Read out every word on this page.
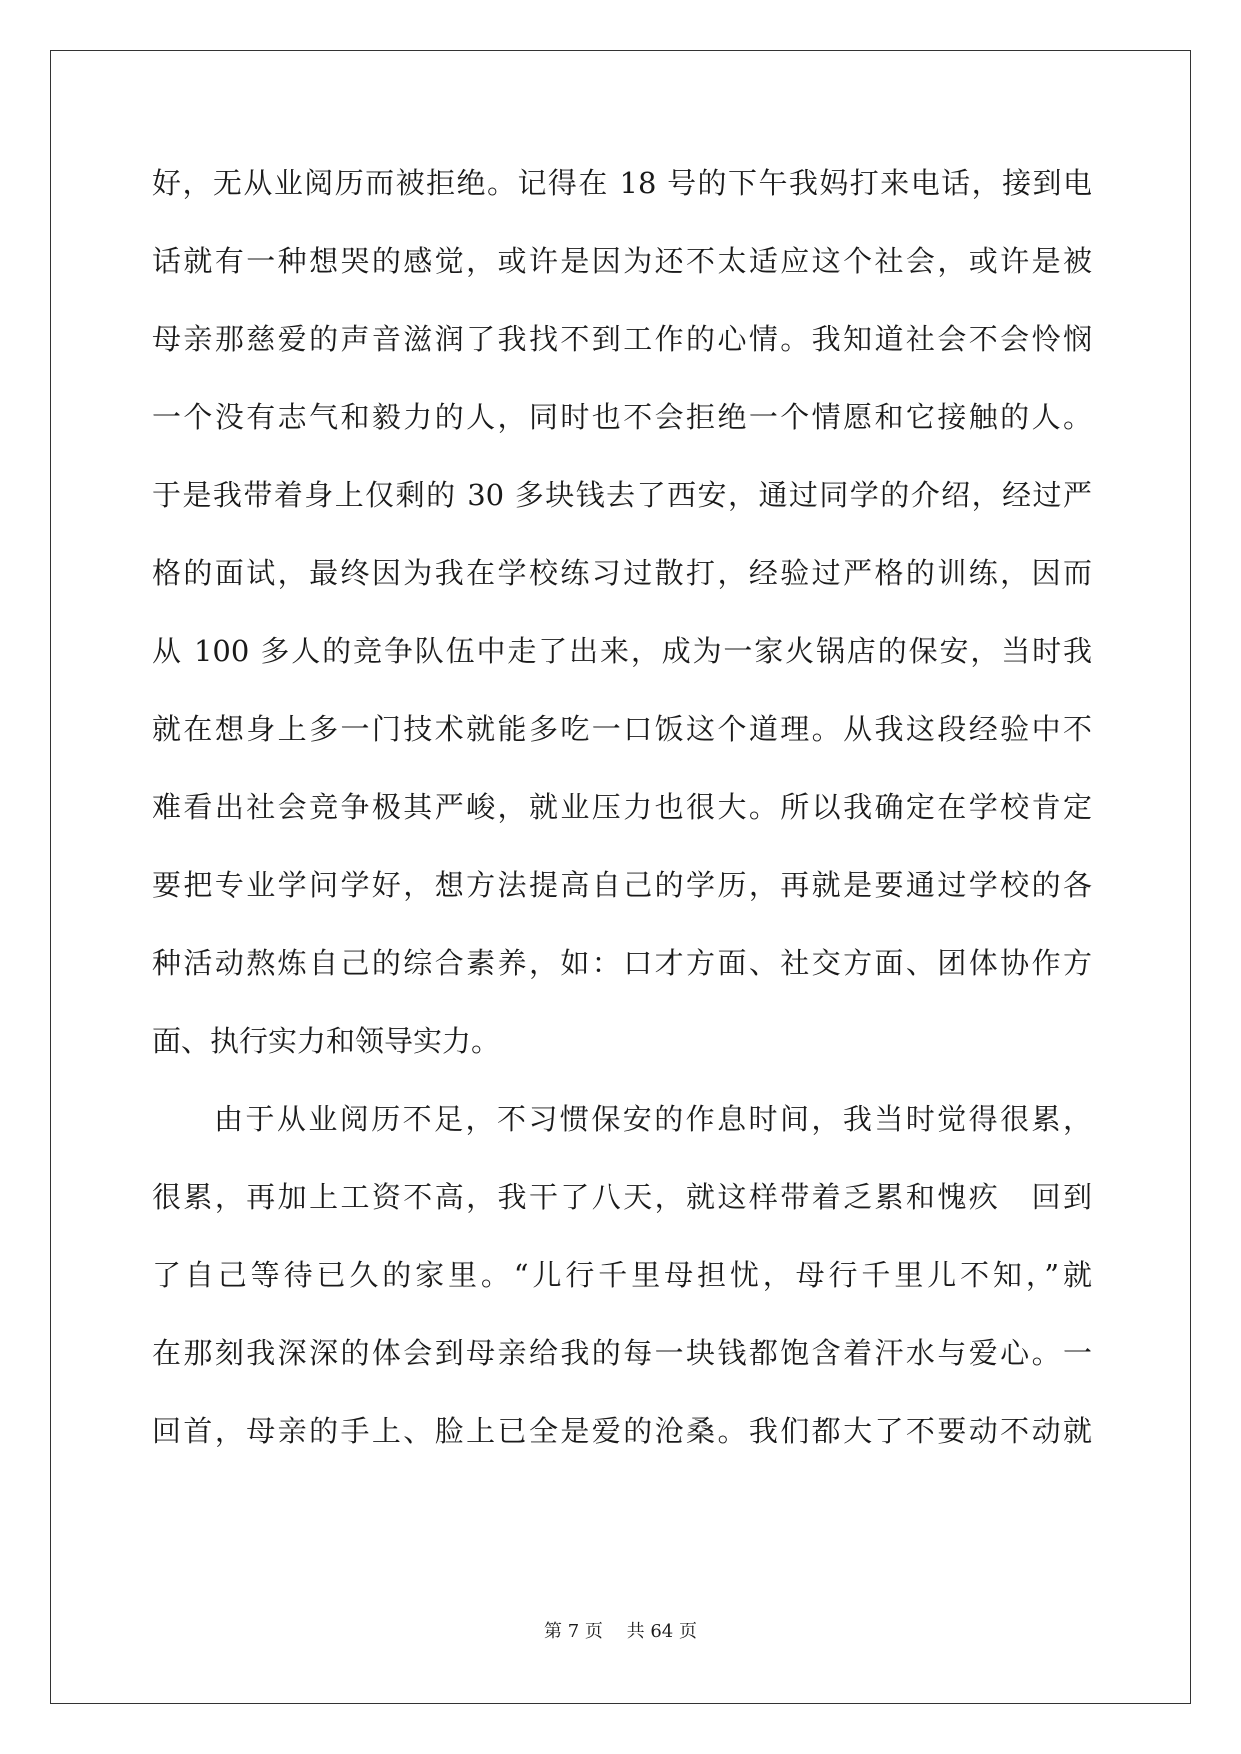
好，无从业阅历而被拒绝。记得在 18 号的下午我妈打来电话，接到电
话就有一种想哭的感觉，或许是因为还不太适应这个社会，或许是被
母亲那慈爱的声音滋润了我找不到工作的心情。我知道社会不会怜悯
一个没有志气和毅力的人，同时也不会拒绝一个情愿和它接触的人。
于是我带着身上仅剩的 30 多块钱去了西安，通过同学的介绍，经过严
格的面试，最终因为我在学校练习过散打，经验过严格的训练，因而
从 100 多人的竞争队伍中走了出来，成为一家火锅店的保安，当时我
就在想身上多一门技术就能多吃一口饭这个道理。从我这段经验中不
难看出社会竞争极其严峻，就业压力也很大。所以我确定在学校肯定
要把专业学问学好，想方法提高自己的学历，再就是要通过学校的各
种活动熬炼自己的综合素养，如：口才方面、社交方面、团体协作方
面、执行实力和领导实力。
由于从业阅历不足，不习惯保安的作息时间，我当时觉得很累，
很累，再加上工资不高，我干了八天，就这样带着乏累和愧疚　回到
了自己等待已久的家里。“儿行千里母担忧，母行千里儿不知，”就
在那刻我深深的体会到母亲给我的每一块钱都饱含着汗水与爱心。一
回首，母亲的手上、脸上已全是爱的沧桑。我们都大了不要动不动就
第 7 页　 共 64 页
